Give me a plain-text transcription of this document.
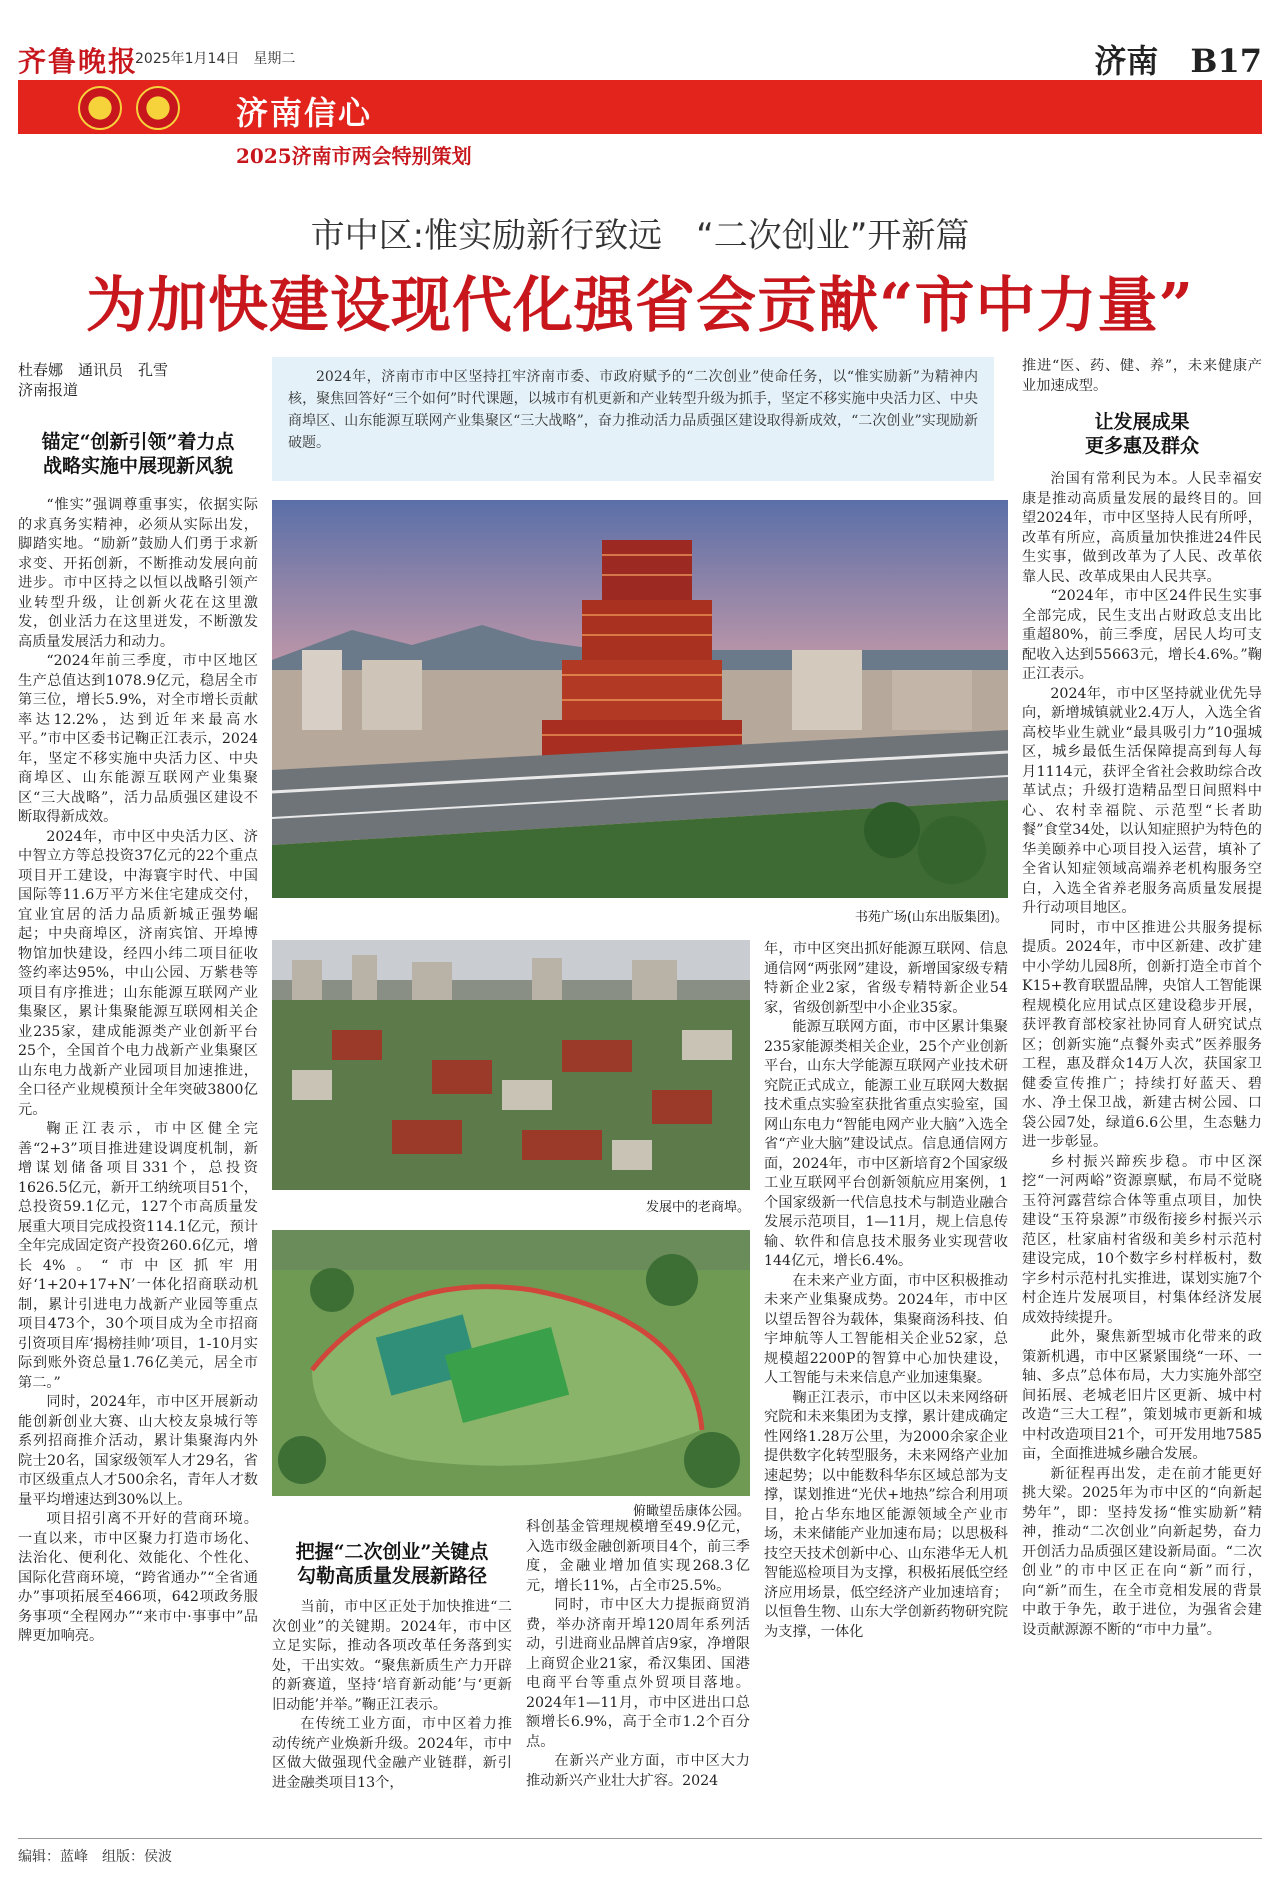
齐鲁晚报
2025年1月14日　星期二	济南　B17
济南信心
2025济南市两会特别策划
市中区:惟实励新行致远　“二次创业”开新篇
为加快建设现代化强省会贡献“市中力量”
杜春娜　通讯员　孔雪
济南报道
2024年，济南市市中区坚持扛牢济南市委、市政府赋予的“二次创业”使命任务，以“惟实励新”为精神内核，聚焦回答好“三个如何”时代课题，以城市有机更新和产业转型升级为抓手，坚定不移实施中央活力区、中央商埠区、山东能源互联网产业集聚区“三大战略”，奋力推动活力品质强区建设取得新成效，“二次创业”实现励新破题。
锚定“创新引领”着力点
战略实施中展现新风貌

“惟实”强调尊重事实，依据实际的求真务实精神，必须从实际出发，脚踏实地。“励新”鼓励人们勇于求新求变、开拓创新，不断推动发展向前进步。市中区持之以恒以战略引领产业转型升级，让创新火花在这里激发，创业活力在这里迸发，不断激发高质量发展活力和动力。

“2024年前三季度，市中区地区生产总值达到1078.9亿元，稳居全市第三位，增长5.9%，对全市增长贡献率达12.2%，达到近年来最高水平。”市中区委书记鞠正江表示，2024年，坚定不移实施中央活力区、中央商埠区、山东能源互联网产业集聚区“三大战略”，活力品质强区建设不断取得新成效。

2024年，市中区中央活力区、济中智立方等总投资37亿元的22个重点项目开工建设，中海寰宇时代、中国国际等11.6万平方米住宅建成交付，宜业宜居的活力品质新城正强势崛起；中央商埠区，济南宾馆、开埠博物馆加快建设，经四小纬二项目征收签约率达95%，中山公园、万紫巷等项目有序推进；山东能源互联网产业集聚区，累计集聚能源互联网相关企业235家，建成能源类产业创新平台25个，全国首个电力战新产业集聚区山东电力战新产业园项目加速推进，全口径产业规模预计全年突破3800亿元。

鞠正江表示，市中区健全完善“2+3”项目推进建设调度机制，新增谋划储备项目331个，总投资1626.5亿元，新开工纳统项目51个，总投资59.1亿元，127个市高质量发展重大项目完成投资114.1亿元，预计全年完成固定资产投资260.6亿元，增长4%。“市中区抓牢用好‘1+20+17+N’一体化招商联动机制，累计引进电力战新产业园等重点项目473个，30个项目成为全市招商引资项目库‘揭榜挂帅’项目，1-10月实际到账外资总量1.76亿美元，居全市第二。”

同时，2024年，市中区开展新动能创新创业大赛、山大校友泉城行等系列招商推介活动，累计集聚海内外院士20名，国家级领军人才29名，省市区级重点人才500余名，青年人才数量平均增速达到30%以上。

项目招引离不开好的营商环境。一直以来，市中区聚力打造市场化、法治化、便利化、效能化、个性化、国际化营商环境，“跨省通办”“全省通办”事项拓展至466项，642项政务服务事项“全程网办”“来市中·事事中”品牌更加响亮。

书苑广场(山东出版集团)。
发展中的老商埠。
俯瞰望岳康体公园。
把握“二次创业”关键点
勾勒高质量发展新路径

当前，市中区正处于加快推进“二次创业”的关键期。2024年，市中区立足实际，推动各项改革任务落到实处，干出实效。“聚焦新质生产力开辟的新赛道，坚持‘培育新动能’与‘更新旧动能’并举。”鞠正江表示。

在传统工业方面，市中区着力推动传统产业焕新升级。2024年，市中区做大做强现代金融产业链群，新引进金融类项目13个，

科创基金管理规模增至49.9亿元，入选市级金融创新项目4个，前三季度，金融业增加值实现268.3亿元，增长11%，占全市25.5%。

同时，市中区大力提振商贸消费，举办济南开埠120周年系列活动，引进商业品牌首店9家，净增限上商贸企业21家，希汉集团、国港电商平台等重点外贸项目落地。2024年1—11月，市中区进出口总额增长6.9%，高于全市1.2个百分点。

在新兴产业方面，市中区大力推动新兴产业壮大扩容。2024

年，市中区突出抓好能源互联网、信息通信网“两张网”建设，新增国家级专精特新企业2家，省级专精特新企业54家，省级创新型中小企业35家。

能源互联网方面，市中区累计集聚235家能源类相关企业，25个产业创新平台，山东大学能源互联网产业技术研究院正式成立，能源工业互联网大数据技术重点实验室获批省重点实验室，国网山东电力“智能电网产业大脑”入选全省“产业大脑”建设试点。信息通信网方面，2024年，市中区新培育2个国家级工业互联网平台创新领航应用案例，1个国家级新一代信息技术与制造业融合发展示范项目，1—11月，规上信息传输、软件和信息技术服务业实现营收144亿元，增长6.4%。

在未来产业方面，市中区积极推动未来产业集聚成势。2024年，市中区以望岳智谷为载体，集聚商汤科技、伯宇坤航等人工智能相关企业52家，总规模超2200P的智算中心加快建设，人工智能与未来信息产业加速集聚。

鞠正江表示，市中区以未来网络研究院和未来集团为支撑，累计建成确定性网络1.28万公里，为2000余家企业提供数字化转型服务，未来网络产业加速起势；以中能数科华东区域总部为支撑，谋划推进“光伏+地热”综合利用项目，抢占华东地区能源领域全产业市场，未来储能产业加速布局；以思极科技空天技术创新中心、山东港华无人机智能巡检项目为支撑，积极拓展低空经济应用场景，低空经济产业加速培育；以恒鲁生物、山东大学创新药物研究院为支撑，一体化

推进“医、药、健、养”，未来健康产业加速成型。

让发展成果
更多惠及群众

治国有常利民为本。人民幸福安康是推动高质量发展的最终目的。回望2024年，市中区坚持人民有所呼，改革有所应，高质量加快推进24件民生实事，做到改革为了人民、改革依靠人民、改革成果由人民共享。

“2024年，市中区24件民生实事全部完成，民生支出占财政总支出比重超80%，前三季度，居民人均可支配收入达到55663元，增长4.6%。”鞠正江表示。

2024年，市中区坚持就业优先导向，新增城镇就业2.4万人，入选全省高校毕业生就业“最具吸引力”10强城区，城乡最低生活保障提高到每人每月1114元，获评全省社会救助综合改革试点；升级打造精品型日间照料中心、农村幸福院、示范型“长者助餐”食堂34处，以认知症照护为特色的华美颐养中心项目投入运营，填补了全省认知症领域高端养老机构服务空白，入选全省养老服务高质量发展提升行动项目地区。

同时，市中区推进公共服务提标提质。2024年，市中区新建、改扩建中小学幼儿园8所，创新打造全市首个K15+教育联盟品牌，央馆人工智能课程规模化应用试点区建设稳步开展，获评教育部校家社协同育人研究试点区；创新实施“点餐外卖式”医养服务工程，惠及群众14万人次，获国家卫健委宣传推广；持续打好蓝天、碧水、净土保卫战，新建古树公园、口袋公园7处，绿道6.6公里，生态魅力进一步彰显。

乡村振兴蹄疾步稳。市中区深挖“一河两峪”资源禀赋，布局不觉晓玉符河露营综合体等重点项目，加快建设“玉符泉源”市级衔接乡村振兴示范区，杜家庙村省级和美乡村示范村建设完成，10个数字乡村样板村，数字乡村示范村扎实推进，谋划实施7个村企连片发展项目，村集体经济发展成效持续提升。

此外，聚焦新型城市化带来的政策新机遇，市中区紧紧围绕“一环、一轴、多点”总体布局，大力实施外部空间拓展、老城老旧片区更新、城中村改造“三大工程”，策划城市更新和城中村改造项目21个，可开发用地7585亩，全面推进城乡融合发展。

新征程再出发，走在前才能更好挑大梁。2025年为市中区的“向新起势年”，即：坚持发扬“惟实励新”精神，推动“二次创业”向新起势，奋力开创活力品质强区建设新局面。“二次创业”的市中区正在向“新”而行，向“新”而生，在全市竞相发展的背景中敢于争先，敢于进位，为强省会建设贡献源源不断的“市中力量”。

编辑：蓝峰　组版：侯波
